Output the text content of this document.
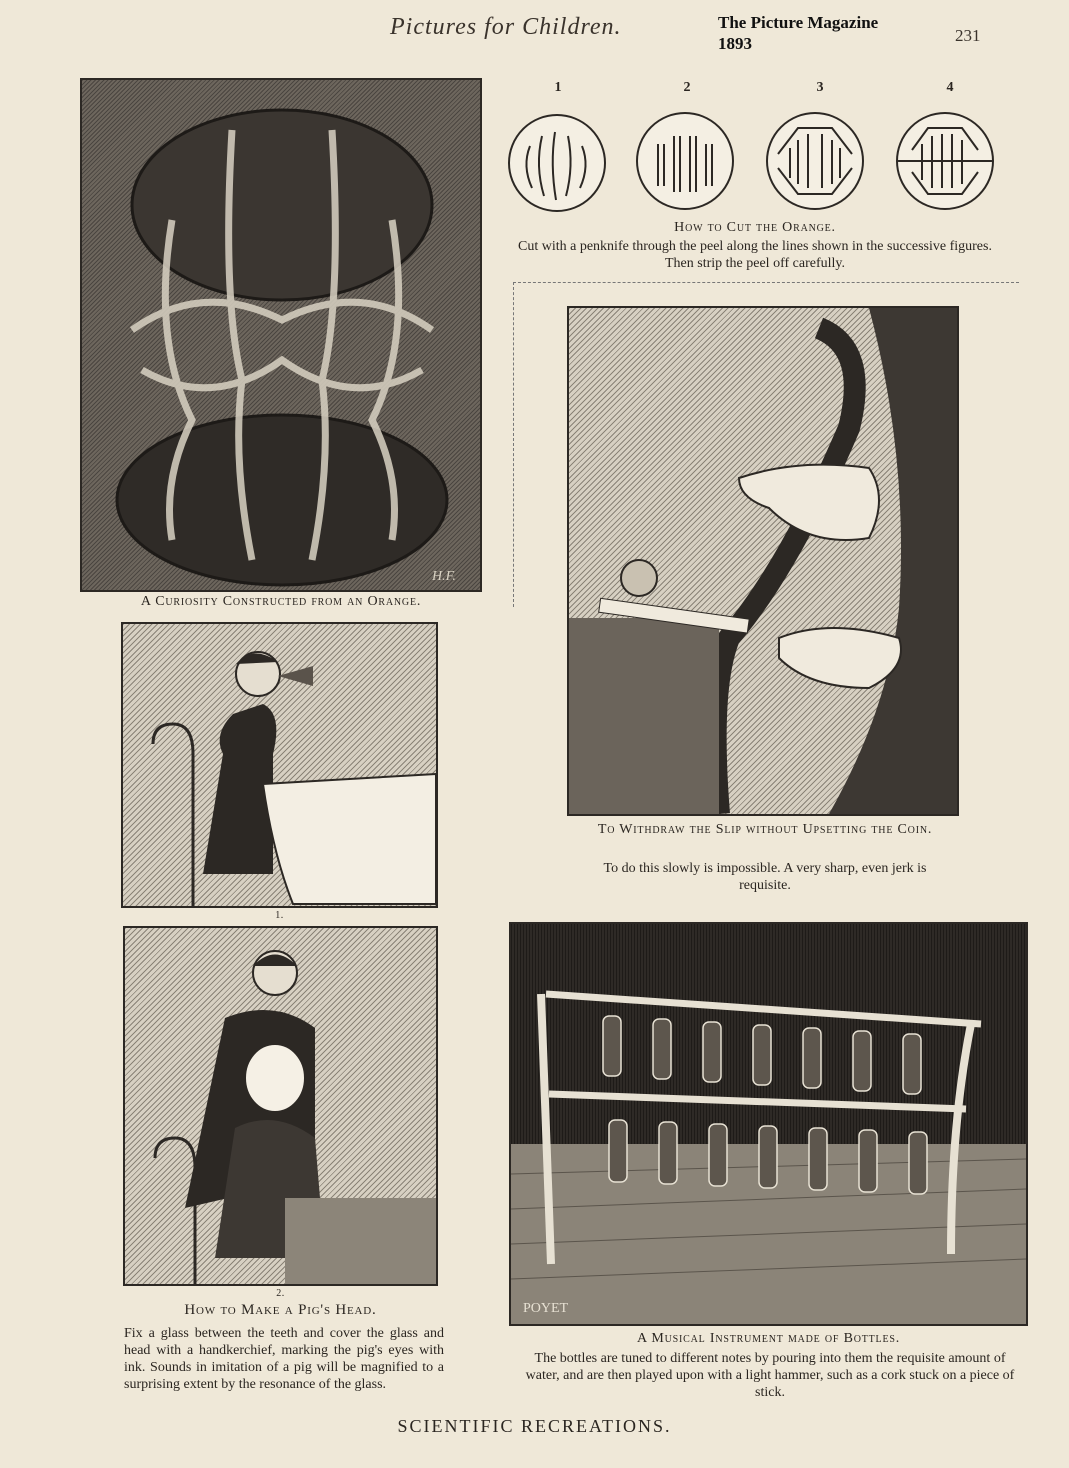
Pictures for Children.	The Picture Magazine
1893	231
H.F.
A Curiosity Constructed from an Orange.
1	2	3	4
How to Cut the Orange.
Cut with a penknife through the peel along the lines shown in the successive figures. Then strip the peel off carefully.
To Withdraw the Slip without Upsetting the Coin.
To do this slowly is impossible. A very sharp, even jerk is requisite.
1.
2.
How to Make a Pig's Head.
Fix a glass between the teeth and cover the glass and head with a handkerchief, marking the pig's eyes with ink. Sounds in imitation of a pig will be magnified to a surprising extent by the resonance of the glass.
POYET
A Musical Instrument made of Bottles.
The bottles are tuned to different notes by pouring into them the requisite amount of water, and are then played upon with a light hammer, such as a cork stuck on a piece of stick.
SCIENTIFIC RECREATIONS.
